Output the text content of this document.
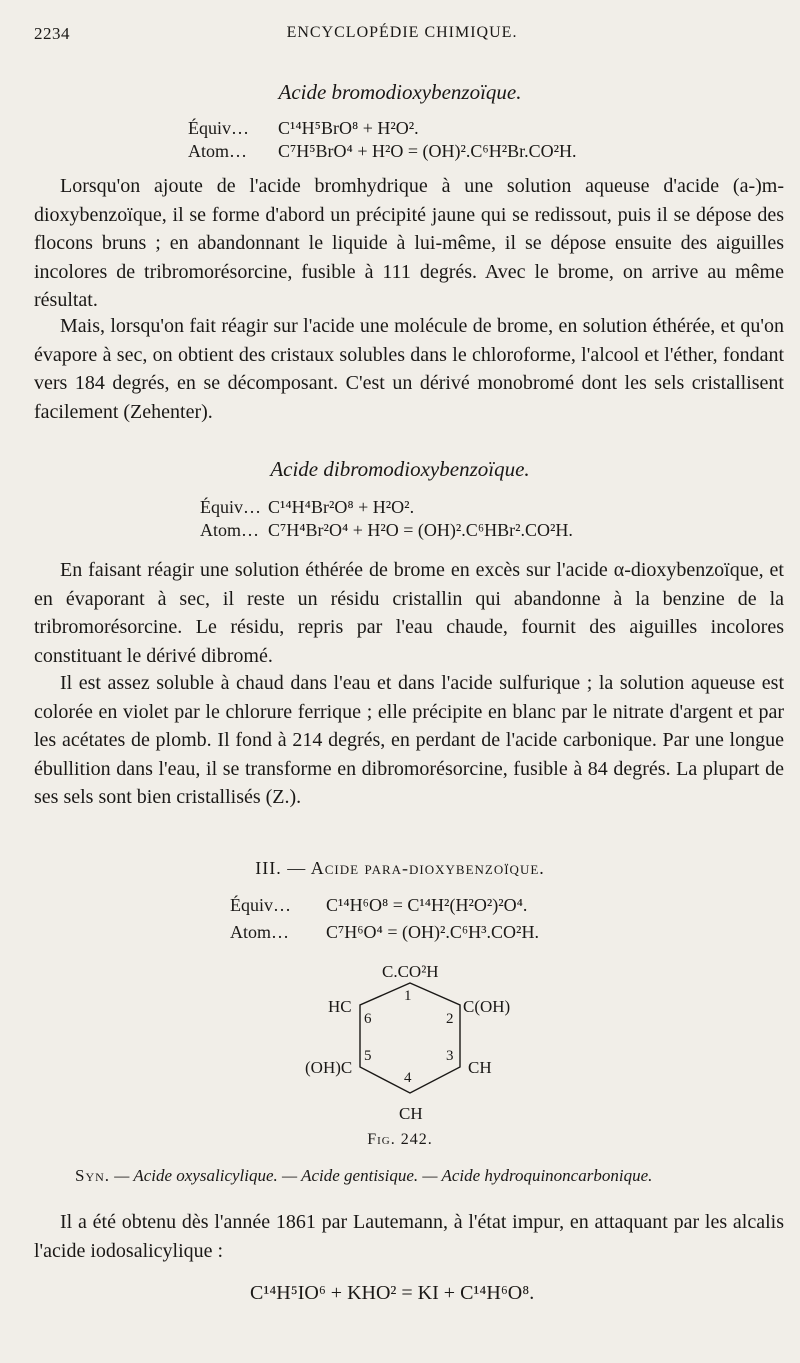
2234	ENCYCLOPÉDIE CHIMIQUE.
Acide bromodioxybenzoïque.
Équiv… C¹⁴H⁵BrO⁸ + H²O².
Atom… C⁷H⁵BrO⁴ + H²O = (OH)².C⁶H²Br.CO²H.

Lorsqu'on ajoute de l'acide bromhydrique à une solution aqueuse d'acide (a-)m-dioxybenzoïque, il se forme d'abord un précipité jaune qui se redissout, puis il se dépose des flocons bruns ; en abandonnant le liquide à lui-même, il se dépose ensuite des aiguilles incolores de tribromorésorcine, fusible à 111 degrés. Avec le brome, on arrive au même résultat.

Mais, lorsqu'on fait réagir sur l'acide une molécule de brome, en solution éthérée, et qu'on évapore à sec, on obtient des cristaux solubles dans le chloroforme, l'alcool et l'éther, fondant vers 184 degrés, en se décomposant. C'est un dérivé monobromé dont les sels cristallisent facilement (Zehenter).

Acide dibromodioxybenzoïque.
Équiv… C¹⁴H⁴Br²O⁸ + H²O².
Atom… C⁷H⁴Br²O⁴ + H²O = (OH)².C⁶HBr².CO²H.

En faisant réagir une solution éthérée de brome en excès sur l'acide α-dioxybenzoïque, et en évaporant à sec, il reste un résidu cristallin qui abandonne à la benzine de la tribromorésorcine. Le résidu, repris par l'eau chaude, fournit des aiguilles incolores constituant le dérivé dibromé.

Il est assez soluble à chaud dans l'eau et dans l'acide sulfurique ; la solution aqueuse est colorée en violet par le chlorure ferrique ; elle précipite en blanc par le nitrate d'argent et par les acétates de plomb. Il fond à 214 degrés, en perdant de l'acide carbonique. Par une longue ébullition dans l'eau, il se transforme en dibromorésorcine, fusible à 84 degrés. La plupart de ses sels sont bien cristallisés (Z.).

III. — Acide para-dioxybenzoïque.
Équiv… C¹⁴H⁶O⁸ = C¹⁴H²(H²O²)²O⁴.
Atom… C⁷H⁶O⁴ = (OH)².C⁶H³.CO²H.
C.CO²H
1
2
3
4
5
6
C(OH)
CH
CH
(OH)C
HC
Fig. 242.
Syn. — Acide oxysalicylique. — Acide gentisique. — Acide hydroquinoncarbonique.

Il a été obtenu dès l'année 1861 par Lautemann, à l'état impur, en attaquant par les alcalis l'acide iodosalicylique :

C¹⁴H⁵IO⁶ + KHO² = KI + C¹⁴H⁶O⁸.
